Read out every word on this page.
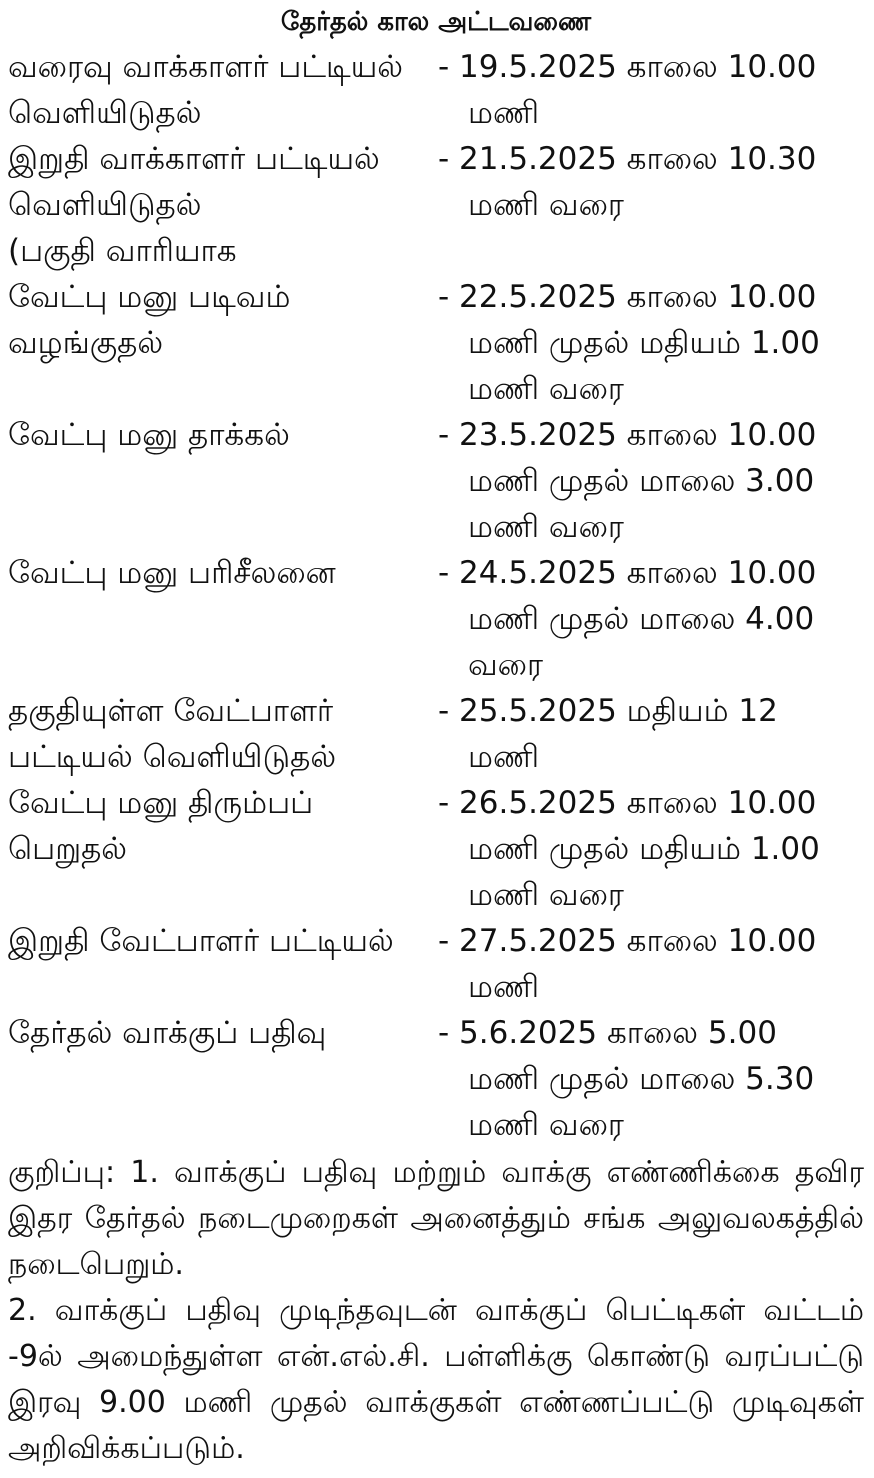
தேர்தல் கால அட்டவணை
வரைவு வாக்காளர் பட்டியல்
வெளியிடுதல்
- 19.5.2025 காலை 10.00
மணி
இறுதி வாக்காளர் பட்டியல்
வெளியிடுதல்
(பகுதி வாரியாக
- 21.5.2025 காலை 10.30
மணி வரை
வேட்பு மனு படிவம்
வழங்குதல்
- 22.5.2025 காலை 10.00
மணி முதல் மதியம் 1.00
மணி வரை
வேட்பு மனு தாக்கல்	- 23.5.2025 காலை 10.00
மணி முதல் மாலை 3.00
மணி வரை
வேட்பு மனு பரிசீலனை	- 24.5.2025 காலை 10.00
மணி முதல் மாலை 4.00
வரை
தகுதியுள்ள வேட்பாளர்
பட்டியல் வெளியிடுதல்
- 25.5.2025 மதியம் 12
மணி
வேட்பு மனு திரும்பப்
பெறுதல்
- 26.5.2025 காலை 10.00
மணி முதல் மதியம் 1.00
மணி வரை
இறுதி வேட்பாளர் பட்டியல்	- 27.5.2025 காலை 10.00
மணி
தேர்தல் வாக்குப் பதிவு	- 5.6.2025 காலை 5.00
மணி முதல் மாலை 5.30
மணி வரை

குறிப்பு: 1. வாக்குப் பதிவு மற்றும் வாக்கு எண்ணிக்கை தவிர இதர தேர்தல் நடைமுறைகள் அனைத்தும் சங்க அலுவலகத்தில் நடைபெறும்.

2. வாக்குப் பதிவு முடிந்தவுடன் வாக்குப் பெட்டிகள் வட்டம் -9ல் அமைந்துள்ள என்.எல்.சி. பள்ளிக்கு கொண்டு வரப்பட்டு இரவு 9.00 மணி முதல் வாக்குகள் எண்ணப்பட்டு முடிவுகள் அறிவிக்கப்படும்.
